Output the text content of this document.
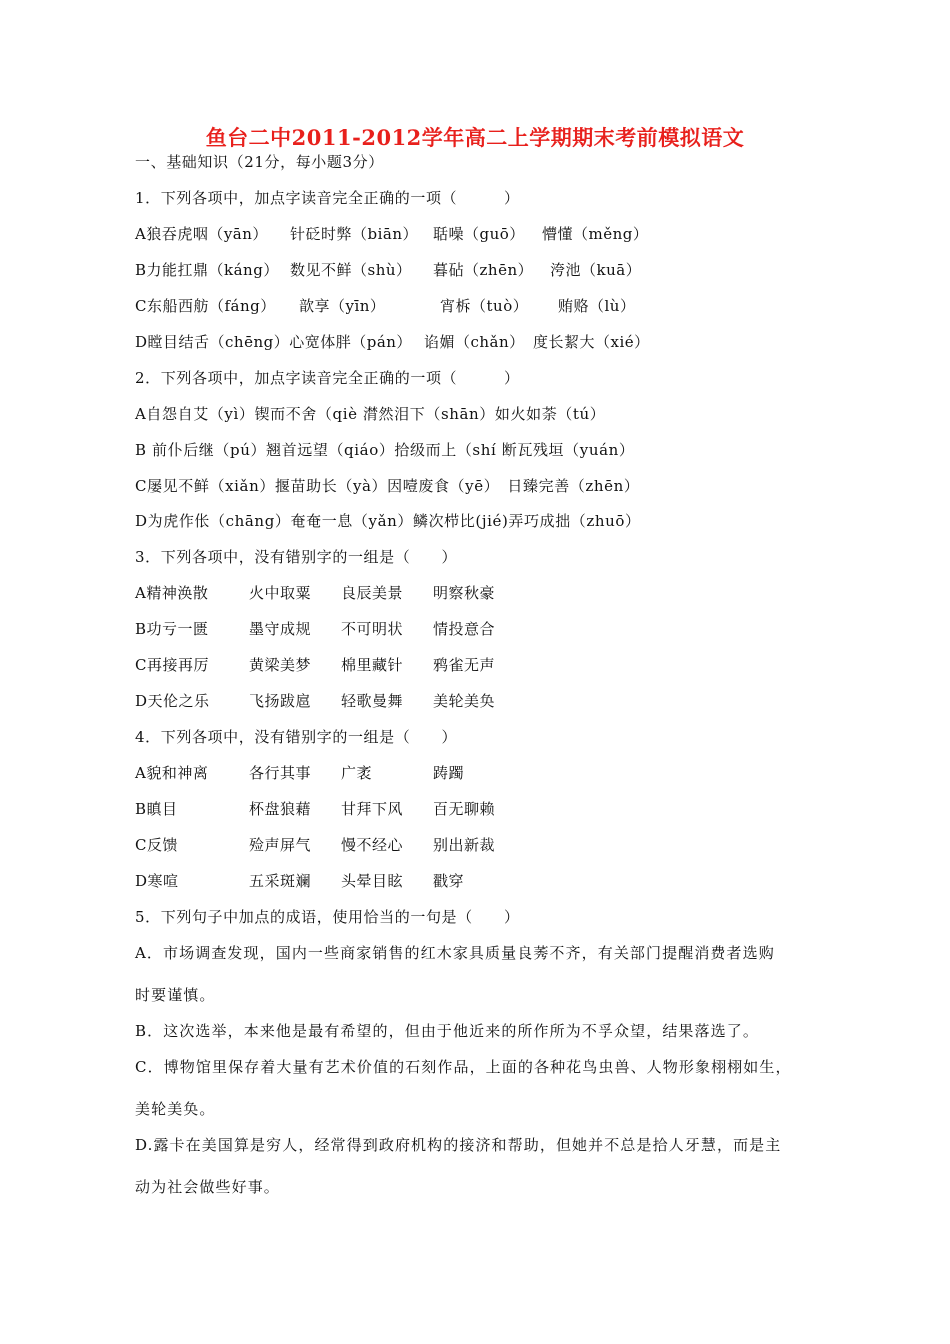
鱼台二中2011-2012学年高二上学期期末考前模拟语文

一、基础知识（21分，每小题3分）

1．下列各项中，加点字读音完全正确的一项（　　　）

A狼吞虎咽（yān） 针砭时弊（biān） 聒噪（guō） 懵懂（měng）
B力能扛鼎（káng） 数见不鲜（shù） 暮砧（zhēn） 洿池（kuā）
C东船西舫（fáng） 歆享（yīn）	宵柝（tuò） 贿赂（lù）
D瞠目结舌（chēng）心宽体胖（pán） 谄媚（chǎn） 度长絜大（xié）

2．下列各项中，加点字读音完全正确的一项（　　　）

A自怨自艾（yì）锲而不舍（qiè 潸然泪下（shān）如火如荼（tú）

B 前仆后继（pú）翘首远望（qiáo）拾级而上（shí 断瓦残垣（yuán）

C屡见不鲜（xiǎn）揠苗助长（yà）因噎废食（yē）　日臻完善（zhēn）

D为虎作伥（chāng）奄奄一息（yǎn）鳞次栉比(jié)弄巧成拙（zhuō）

3．下列各项中，没有错别字的一组是（　　）

A精神涣散	火中取粟 良辰美景 明察秋豪
B功亏一匮	墨守成规 不可明状 情投意合
C再接再厉	黄梁美梦 棉里藏针 鸦雀无声
D天伦之乐	飞扬跋扈 轻歌曼舞 美轮美奂

4．下列各项中，没有错别字的一组是（　　）

A貌和神离	各行其事 广袤	踌躅
B瞋目	杯盘狼藉 甘拜下风 百无聊赖
C反馈	殓声屏气 慢不经心 别出新裁
D寒喧	五采斑斓 头晕目眩 戳穿

5．下列句子中加点的成语，使用恰当的一句是（　　）

A．市场调查发现，国内一些商家销售的红木家具质量良莠不齐，有关部门提醒消费者选购

时要谨慎。

B．这次选举，本来他是最有希望的，但由于他近来的所作所为不孚众望，结果落选了。

C．博物馆里保存着大量有艺术价值的石刻作品，上面的各种花鸟虫兽、人物形象栩栩如生，

美轮美奂。

D.露卡在美国算是穷人，经常得到政府机构的接济和帮助，但她并不总是拾人牙慧，而是主

动为社会做些好事。
